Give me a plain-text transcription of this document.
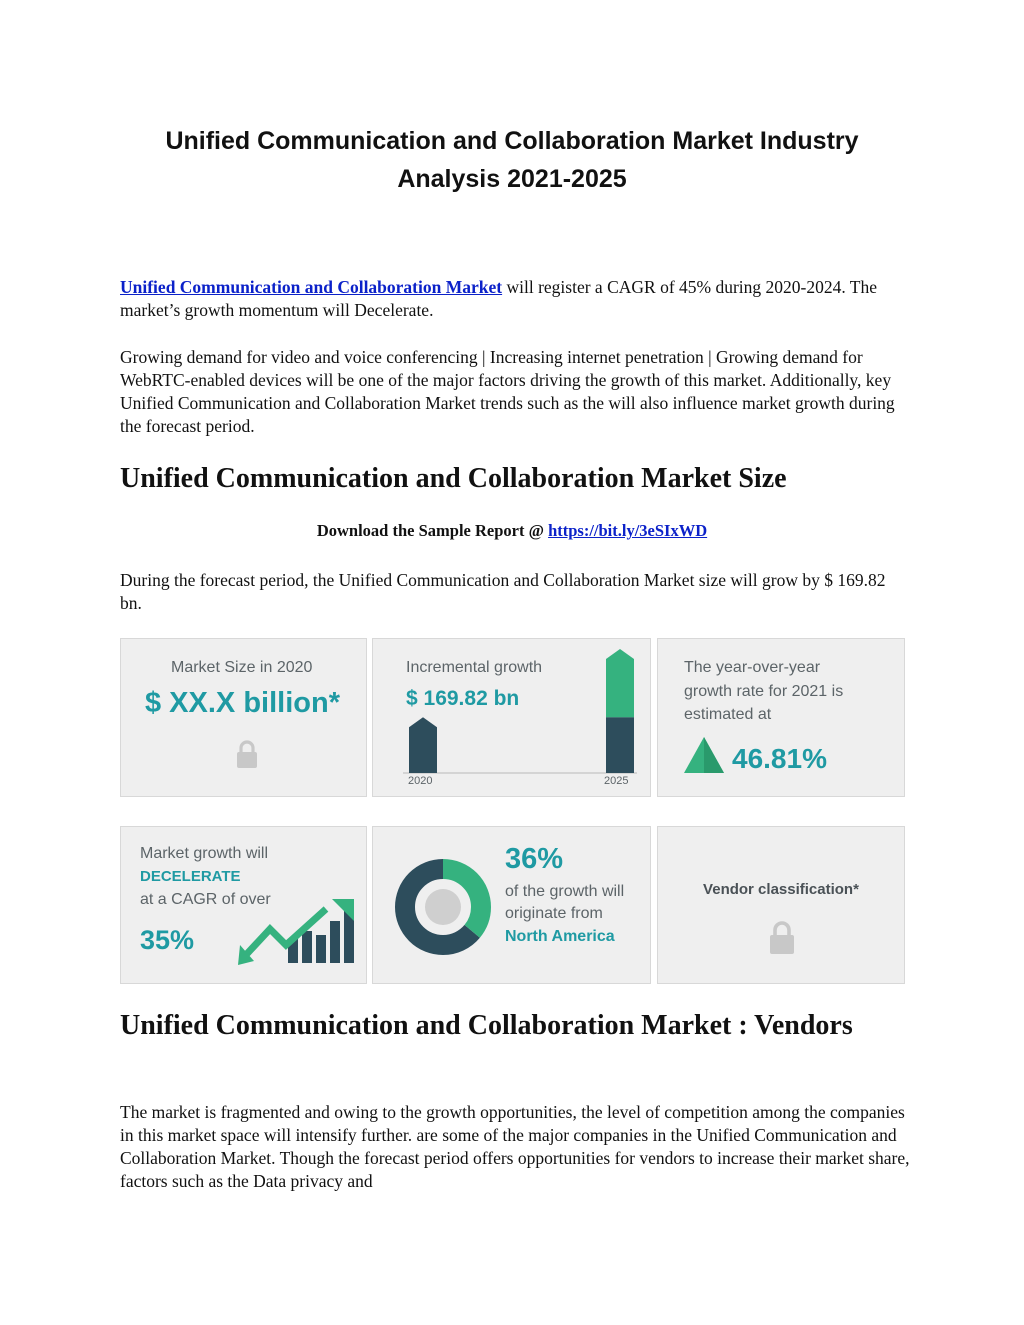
Unified Communication and Collaboration Market Industry Analysis 2021-2025

Unified Communication and Collaboration Market will register a CAGR of 45% during 2020-2024. The market’s growth momentum will Decelerate.

Growing demand for video and voice conferencing | Increasing internet penetration | Growing demand for WebRTC-enabled devices will be one of the major factors driving the growth of this market. Additionally, key Unified Communication and Collaboration Market trends such as the will also influence market growth during the forecast period.

Unified Communication and Collaboration Market Size
Download the Sample Report @ https://bit.ly/3eSIxWD

During the forecast period, the Unified Communication and Collaboration Market size will grow by $ 169.82 bn.

Market Size in 2020
$ XX.X billion*
Incremental growth
$ 169.82 bn
2020	2025
The year-over-year
growth rate for 2021 is
estimated at
46.81%
Market growth will
DECELERATE
at a CAGR of over
35%
36%
of the growth will
originate from
North America
Vendor classification*
Unified Communication and Collaboration Market : Vendors

The market is fragmented and owing to the growth opportunities, the level of competition among the companies in this market space will intensify further. are some of the major companies in the Unified Communication and Collaboration Market. Though the forecast period offers opportunities for vendors to increase their market share, factors such as the Data privacy and
